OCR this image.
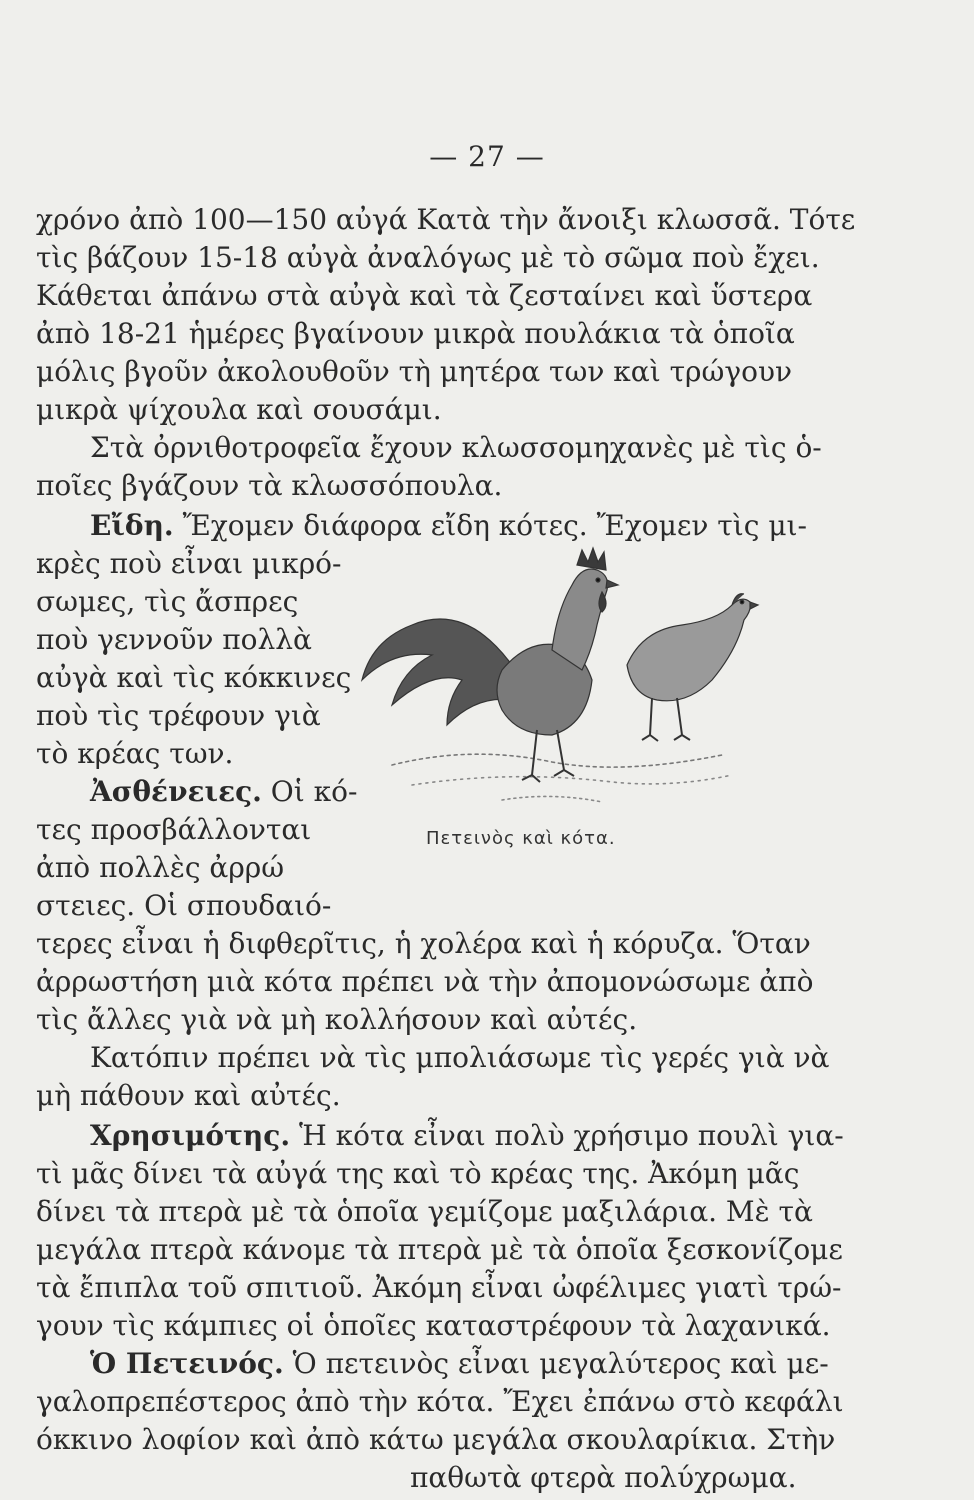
— 27 —
χρόνο ἀπὸ 100—150 αὐγά Κατὰ τὴν ἄνοιξι κλωσσᾶ. Τότε
τὶς βάζουν 15-18 αὐγὰ ἀναλόγως μὲ τὸ σῶμα ποὺ ἔχει.
Κάθεται ἀπάνω στὰ αὐγὰ καὶ τὰ ζεσταίνει καὶ ὕστερα
ἀπὸ 18-21 ἡμέρες βγαίνουν μικρὰ πουλάκια τὰ ὁποῖα
μόλις βγοῦν ἀκολουθοῦν τὴ μητέρα των καὶ τρώγουν
μικρὰ ψίχουλα καὶ σουσάμι.
Στὰ ὀρνιθοτροφεῖα ἔχουν κλωσσομηχανὲς μὲ τὶς ὁ-
ποῖες βγάζουν τὰ κλωσσόπουλα.
Εἴδη. Ἔχομεν διάφορα εἴδη κότες. Ἔχομεν τὶς μι-
κρὲς ποὺ εἶναι μικρό-
σωμες, τὶς ἄσπρες
ποὺ γεννοῦν πολλὰ
αὐγὰ καὶ τὶς κόκκινες
ποὺ τὶς τρέφουν γιὰ
τὸ κρέας των.
Ἀσθένειες. Οἱ κό-
τες προσβάλλονται
ἀπὸ πολλὲς ἀρρώ
στειες. Οἱ σπουδαιό-
τερες εἶναι ἡ διφθερῖτις, ἡ χολέρα καὶ ἡ κόρυζα. Ὅταν
ἀρρωστήση μιὰ κότα πρέπει νὰ τὴν ἀπομονώσωμε ἀπὸ
τὶς ἄλλες γιὰ νὰ μὴ κολλήσουν καὶ αὐτές.
Κατόπιν πρέπει νὰ τὶς μπολιάσωμε τὶς γερές γιὰ νὰ
μὴ πάθουν καὶ αὐτές.
Χρησιμότης. Ἡ κότα εἶναι πολὺ χρήσιμο πουλὶ για-
τὶ μᾶς δίνει τὰ αὐγά της καὶ τὸ κρέας της. Ἀκόμη μᾶς
δίνει τὰ πτερὰ μὲ τὰ ὁποῖα γεμίζομε μαξιλάρια. Μὲ τὰ
μεγάλα πτερὰ κάνομε τὰ πτερὰ μὲ τὰ ὁποῖα ξεσκονίζομε
τὰ ἔπιπλα τοῦ σπιτιοῦ. Ἀκόμη εἶναι ὠφέλιμες γιατὶ τρώ-
γουν τὶς κάμπιες οἱ ὁποῖες καταστρέφουν τὰ λαχανικά.
Ὁ Πετεινός. Ὁ πετεινὸς εἶναι μεγαλύτερος καὶ με-
γαλοπρεπέστερος ἀπὸ τὴν κότα. Ἔχει ἐπάνω στὸ κεφάλι
όκκινο λοφίον καὶ ἀπὸ κάτω μεγάλα σκουλαρίκια. Στὴν
παθωτὰ φτερὰ πολύχρωμα.
Πετεινὸς καὶ κότα.
